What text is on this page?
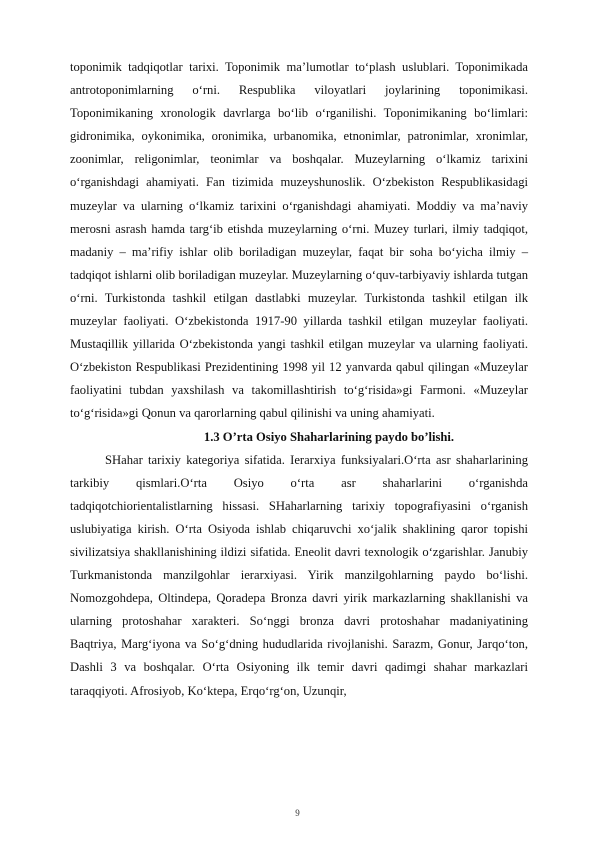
toponimik tadqiqotlar tarixi. Toponimik ma’lumotlar to‘plash uslublari. Toponimikada antrotoponimlarning o‘rni. Respublika viloyatlari joylarining toponimikasi. Toponimikaning xronologik davrlarga bo‘lib o‘rganilishi. Toponimikaning bo‘limlari: gidronimika, oykonimika, oronimika, urbanomika, etnonimlar, patronimlar, xronimlar, zoonimlar, religonimlar, teonimlar va boshqalar. Muzeylarning o‘lkamiz tarixini o‘rganishdagi ahamiyati. Fan tizimida muzeyshunoslik. O‘zbekiston Respublikasidagi muzeylar va ularning o‘lkamiz tarixini o‘rganishdagi ahamiyati. Moddiy va ma’naviy merosni asrash hamda targ‘ib etishda muzeylarning o‘rni. Muzey turlari, ilmiy tadqiqot, madaniy – ma’rifiy ishlar olib boriladigan muzeylar, faqat bir soha bo‘yicha ilmiy – tadqiqot ishlarni olib boriladigan muzeylar. Muzeylarning o‘quv-tarbiyaviy ishlarda tutgan o‘rni. Turkistonda tashkil etilgan dastlabki muzeylar. Turkistonda tashkil etilgan ilk muzeylar faoliyati. O‘zbekistonda 1917-90 yillarda tashkil etilgan muzeylar faoliyati. Mustaqillik yillarida O‘zbekistonda yangi tashkil etilgan muzeylar va ularning faoliyati. O‘zbekiston Respublikasi Prezidentining 1998 yil 12 yanvarda qabul qilingan «Muzeylar faoliyatini tubdan yaxshilash va takomillashtirish to‘g‘risida»gi Farmoni. «Muzeylar to‘g‘risida»gi Qonun va qarorlarning qabul qilinishi va uning ahamiyati.

1.3 O’rta Osiyo Shaharlarining paydo bo’lishi.

SHahar tarixiy kategoriya sifatida. Ierarxiya funksiyalari.O‘rta asr shaharlarining tarkibiy qismlari.O‘rta Osiyo o‘rta asr shaharlarini o‘rganishda tadqiqotchiorientalistlarning hissasi. SHaharlarning tarixiy topografiyasini o‘rganish uslubiyatiga kirish. O‘rta Osiyoda ishlab chiqaruvchi xo‘jalik shaklining qaror topishi sivilizatsiya shakllanishining ildizi sifatida. Eneolit davri texnologik o‘zgarishlar. Janubiy Turkmanistonda manzilgohlar ierarxiyasi. Yirik manzilgohlarning paydo bo‘lishi. Nomozgohdepa, Oltindepa, Qoradepa Bronza davri yirik markazlarning shakllanishi va ularning protoshahar xarakteri. So‘nggi bronza davri protoshahar madaniyatining Baqtriya, Marg‘iyona va So‘g‘dning hududlarida rivojlanishi. Sarazm, Gonur, Jarqo‘ton, Dashli 3 va boshqalar. O‘rta Osiyoning ilk temir davri qadimgi shahar markazlari taraqqiyoti. Afrosiyob, Ko‘ktepa, Erqo‘rg‘on, Uzunqir,

9
